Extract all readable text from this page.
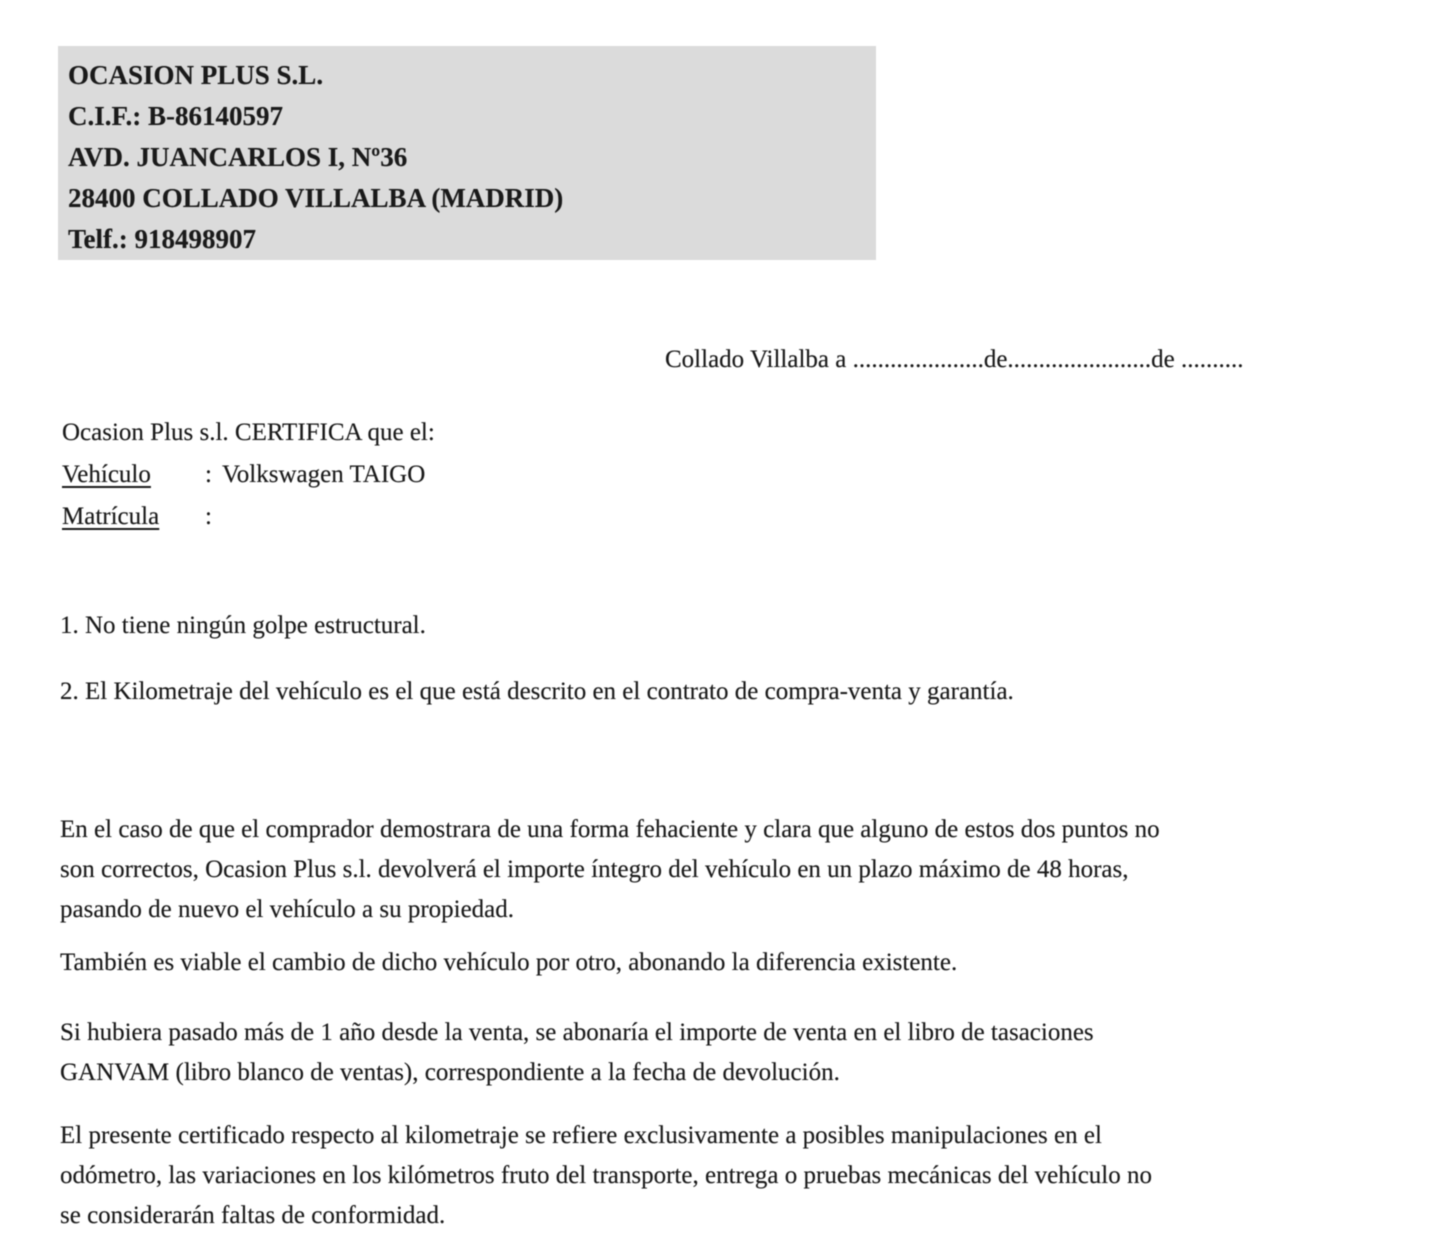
OCASION PLUS S.L.
C.I.F.: B-86140597
AVD. JUANCARLOS I, Nº36
28400 COLLADO VILLALBA (MADRID)
Telf.: 918498907
Collado Villalba a .....................de.......................de ..........
Ocasion Plus s.l. CERTIFICA que el:
Vehículo : Volkswagen TAIGO
Matrícula :
1. No tiene ningún golpe estructural.
2. El Kilometraje del vehículo es el que está descrito en el contrato de compra-venta y garantía.
En el caso de que el comprador demostrara de una forma fehaciente y clara que alguno de estos dos puntos no
son correctos, Ocasion Plus s.l. devolverá el importe íntegro del vehículo en un plazo máximo de 48 horas,
pasando de nuevo el vehículo a su propiedad.
También es viable el cambio de dicho vehículo por otro, abonando la diferencia existente.
Si hubiera pasado más de 1 año desde la venta, se abonaría el importe de venta en el libro de tasaciones
GANVAM (libro blanco de ventas), correspondiente a la fecha de devolución.
El presente certificado respecto al kilometraje se refiere exclusivamente a posibles manipulaciones en el
odómetro, las variaciones en los kilómetros fruto del transporte, entrega o pruebas mecánicas del vehículo no
se considerarán faltas de conformidad.
